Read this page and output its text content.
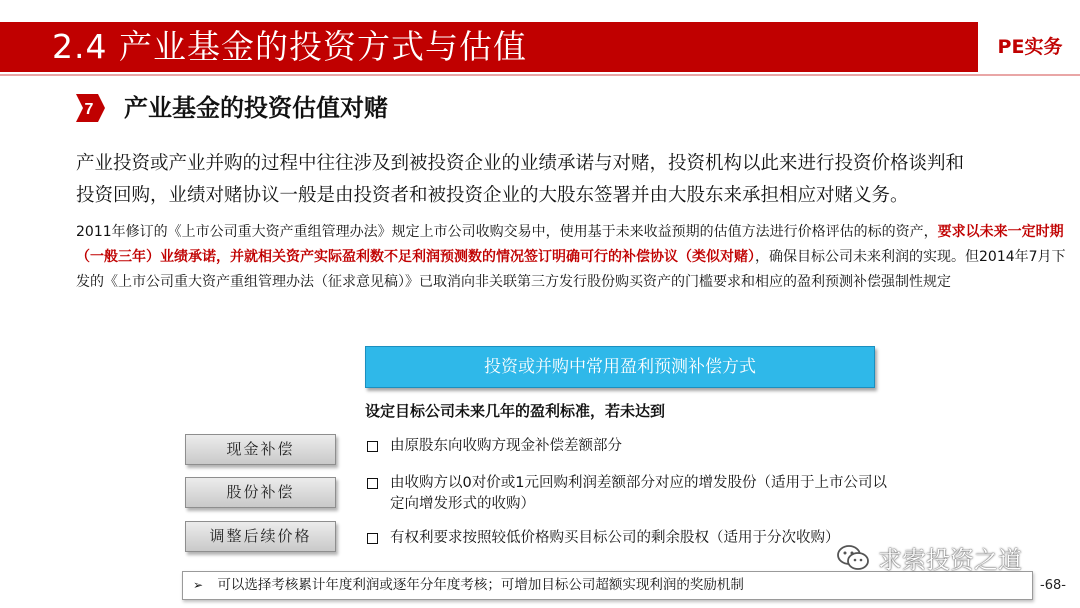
2.4 产业基金的投资方式与估值	PE实务
7 产业基金的投资估值对赌
产业投资或产业并购的过程中往往涉及到被投资企业的业绩承诺与对赌，投资机构以此来进行投资价格谈判和
投资回购，业绩对赌协议一般是由投资者和被投资企业的大股东签署并由大股东来承担相应对赌义务。
2011年修订的《上市公司重大资产重组管理办法》规定上市公司收购交易中，使用基于未来收益预期的估值方法进行价格评估的标的资产，要求以未来一定时期（一般三年）业绩承诺，并就相关资产实际盈利数不足利润预测数的情况签订明确可行的补偿协议（类似对赌），确保目标公司未来利润的实现。但2014年7月下发的《上市公司重大资产重组管理办法（征求意见稿）》已取消向非关联第三方发行股份购买资产的门槛要求和相应的盈利预测补偿强制性规定
投资或并购中常用盈利预测补偿方式
设定目标公司未来几年的盈利标准，若未达到
现金补偿
股份补偿
调整后续价格
由原股东向收购方现金补偿差额部分
由收购方以0对价或1元回购利润差额部分对应的增发股份（适用于上市公司以定向增发形式的收购）
有权利要求按照较低价格购买目标公司的剩余股权（适用于分次收购）
➢ 可以选择考核累计年度利润或逐年分年度考核；可增加目标公司超额实现利润的奖励机制
求索投资之道
-68-
